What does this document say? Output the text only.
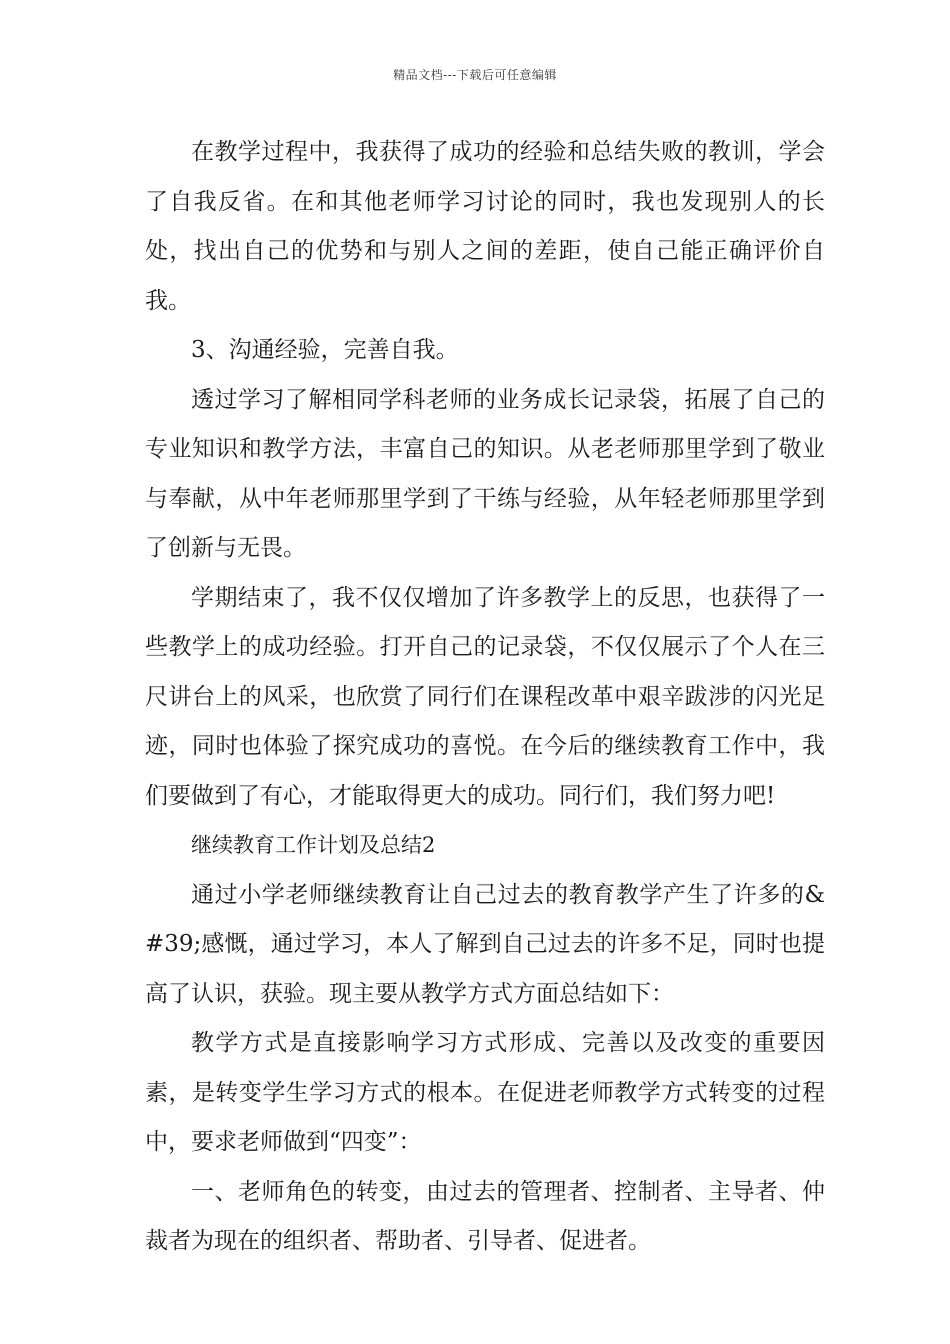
精品文档---下载后可任意编辑

在教学过程中，我获得了成功的经验和总结失败的教训，学会了自我反省。在和其他老师学习讨论的同时，我也发现别人的长处，找出自己的优势和与别人之间的差距，使自己能正确评价自我。

3、沟通经验，完善自我。

透过学习了解相同学科老师的业务成长记录袋，拓展了自己的专业知识和教学方法，丰富自己的知识。从老老师那里学到了敬业与奉献，从中年老师那里学到了干练与经验，从年轻老师那里学到了创新与无畏。

学期结束了，我不仅仅增加了许多教学上的反思，也获得了一些教学上的成功经验。打开自己的记录袋，不仅仅展示了个人在三尺讲台上的风采，也欣赏了同行们在课程改革中艰辛跋涉的闪光足迹，同时也体验了探究成功的喜悦。在今后的继续教育工作中，我们要做到了有心，才能取得更大的成功。同行们，我们努力吧!

继续教育工作计划及总结2

通过小学老师继续教育让自己过去的教育教学产生了许多的&#39;感慨，通过学习，本人了解到自己过去的许多不足，同时也提高了认识，获验。现主要从教学方式方面总结如下：

教学方式是直接影响学习方式形成、完善以及改变的重要因素，是转变学生学习方式的根本。在促进老师教学方式转变的过程中，要求老师做到“四变”：

一、老师角色的转变，由过去的管理者、控制者、主导者、仲裁者为现在的组织者、帮助者、引导者、促进者。
